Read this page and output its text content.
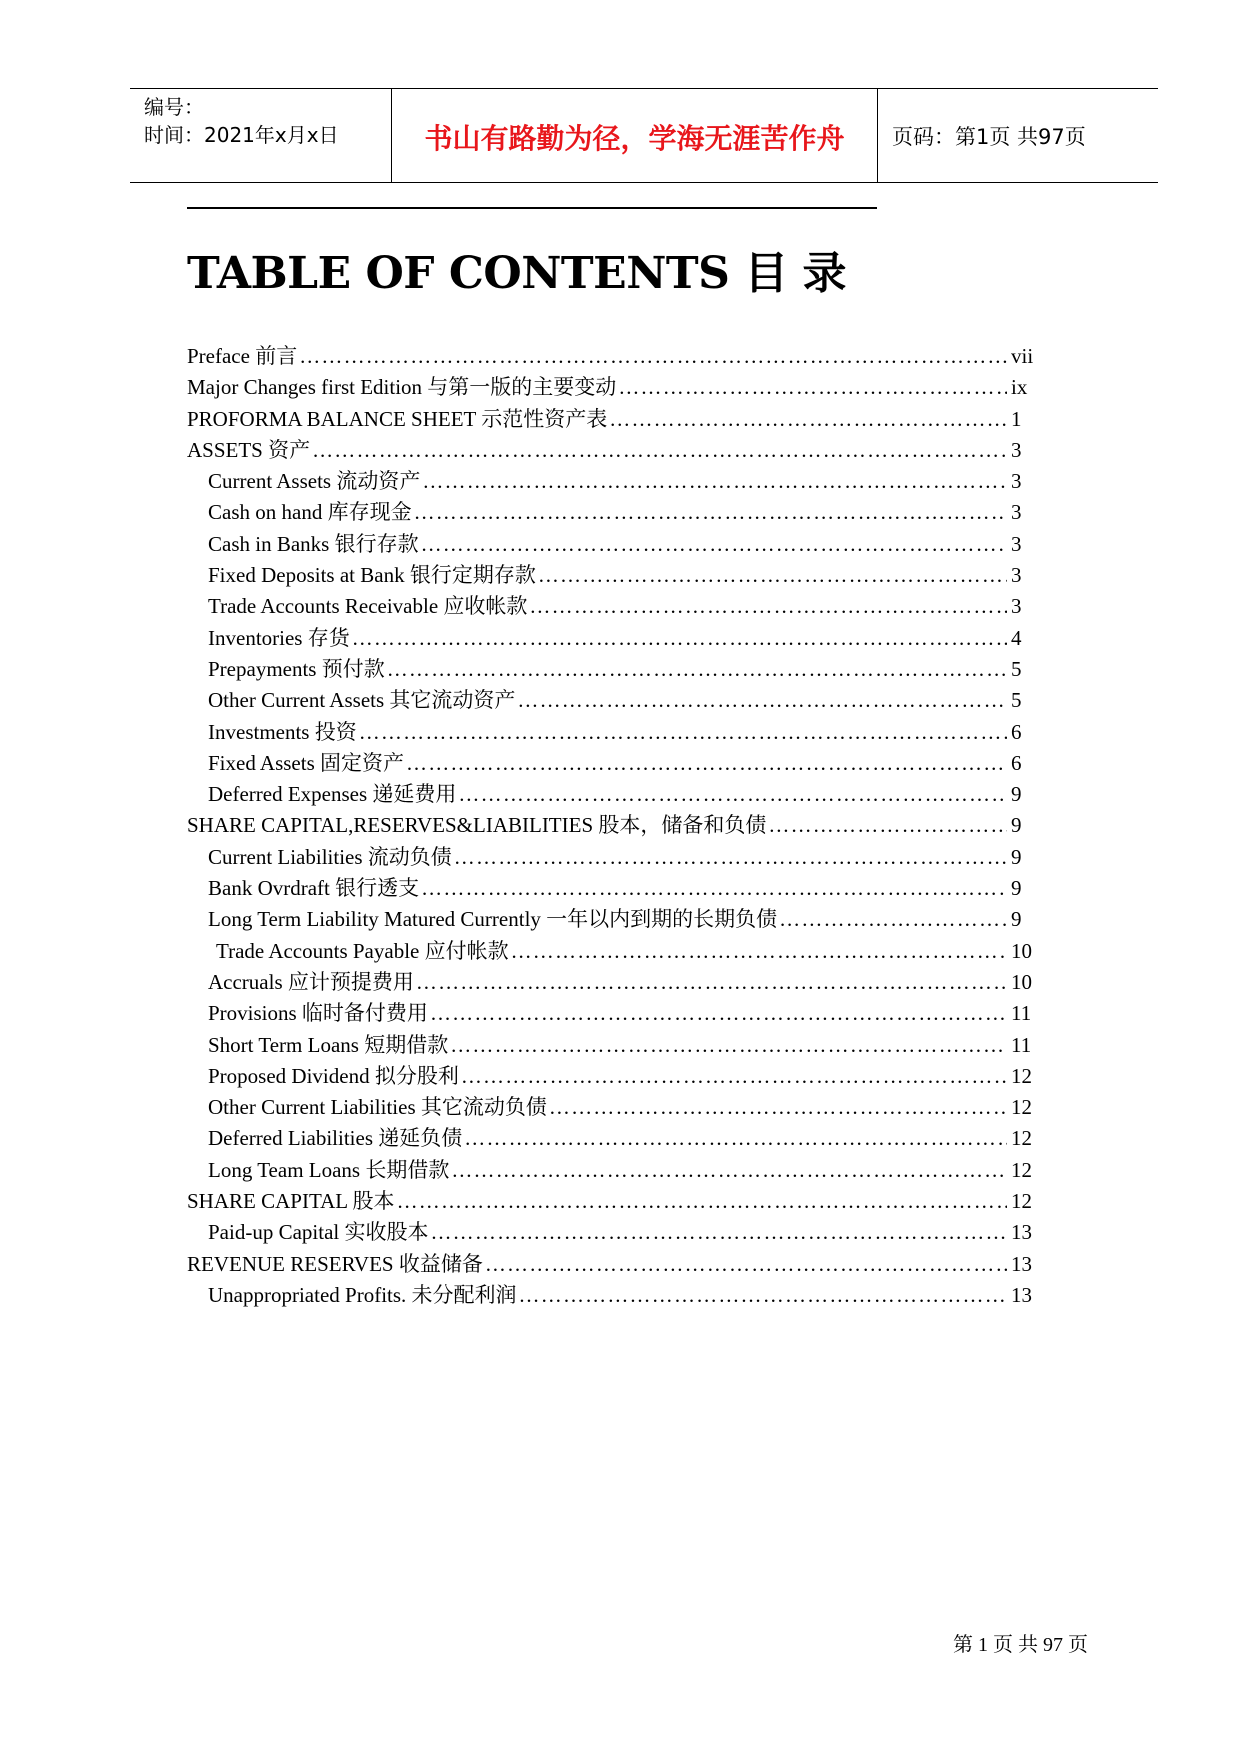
编号：
时间：2021年x月x日	书山有路勤为径，学海无涯苦作舟 页码：第1页 共97页
TABLE OF CONTENTS 目 录
Preface 前言 ……………………………………………………………………………………………………………………………………………………	vii
Major Changes first Edition 与第一版的主要变动 ……………………………………………………………………………………………………………………………………………………	ix
PROFORMA BALANCE SHEET 示范性资产表 ……………………………………………………………………………………………………………………………………………………	1
ASSETS 资产 ……………………………………………………………………………………………………………………………………………………	3
Current Assets 流动资产 ……………………………………………………………………………………………………………………………………………………	3
Cash on hand 库存现金 ……………………………………………………………………………………………………………………………………………………	3
Cash in Banks 银行存款 ……………………………………………………………………………………………………………………………………………………	3
Fixed Deposits at Bank 银行定期存款 ……………………………………………………………………………………………………………………………………………………	3
Trade Accounts Receivable 应收帐款 ……………………………………………………………………………………………………………………………………………………	3
Inventories 存货 ……………………………………………………………………………………………………………………………………………………	4
Prepayments 预付款 ……………………………………………………………………………………………………………………………………………………	5
Other Current Assets 其它流动资产 ……………………………………………………………………………………………………………………………………………………	5
Investments 投资 ……………………………………………………………………………………………………………………………………………………	6
Fixed Assets 固定资产 ……………………………………………………………………………………………………………………………………………………	6
Deferred Expenses 递延费用 ……………………………………………………………………………………………………………………………………………………	9
SHARE CAPITAL,RESERVES&LIABILITIES 股本，储备和负债 ……………………………………………………………………………………………………………………………………………………	9
Current Liabilities 流动负债 ……………………………………………………………………………………………………………………………………………………	9
Bank Ovrdraft 银行透支 ……………………………………………………………………………………………………………………………………………………	9
Long Term Liability Matured Currently 一年以内到期的长期负债 ……………………………………………………………………………………………………………………………………………………	9
Trade Accounts Payable 应付帐款 ……………………………………………………………………………………………………………………………………………………	10
Accruals 应计预提费用 ……………………………………………………………………………………………………………………………………………………	10
Provisions 临时备付费用 ……………………………………………………………………………………………………………………………………………………	11
Short Term Loans 短期借款 ……………………………………………………………………………………………………………………………………………………	11
Proposed Dividend 拟分股利 ……………………………………………………………………………………………………………………………………………………	12
Other Current Liabilities 其它流动负债 ……………………………………………………………………………………………………………………………………………………	12
Deferred Liabilities 递延负债 ……………………………………………………………………………………………………………………………………………………	12
Long Team Loans 长期借款 ……………………………………………………………………………………………………………………………………………………	12
SHARE CAPITAL 股本 ……………………………………………………………………………………………………………………………………………………	12
Paid-up Capital 实收股本 ……………………………………………………………………………………………………………………………………………………	13
REVENUE RESERVES 收益储备 ……………………………………………………………………………………………………………………………………………………	13
Unappropriated Profits. 未分配利润 ……………………………………………………………………………………………………………………………………………………	13
第 1 页 共 97 页
